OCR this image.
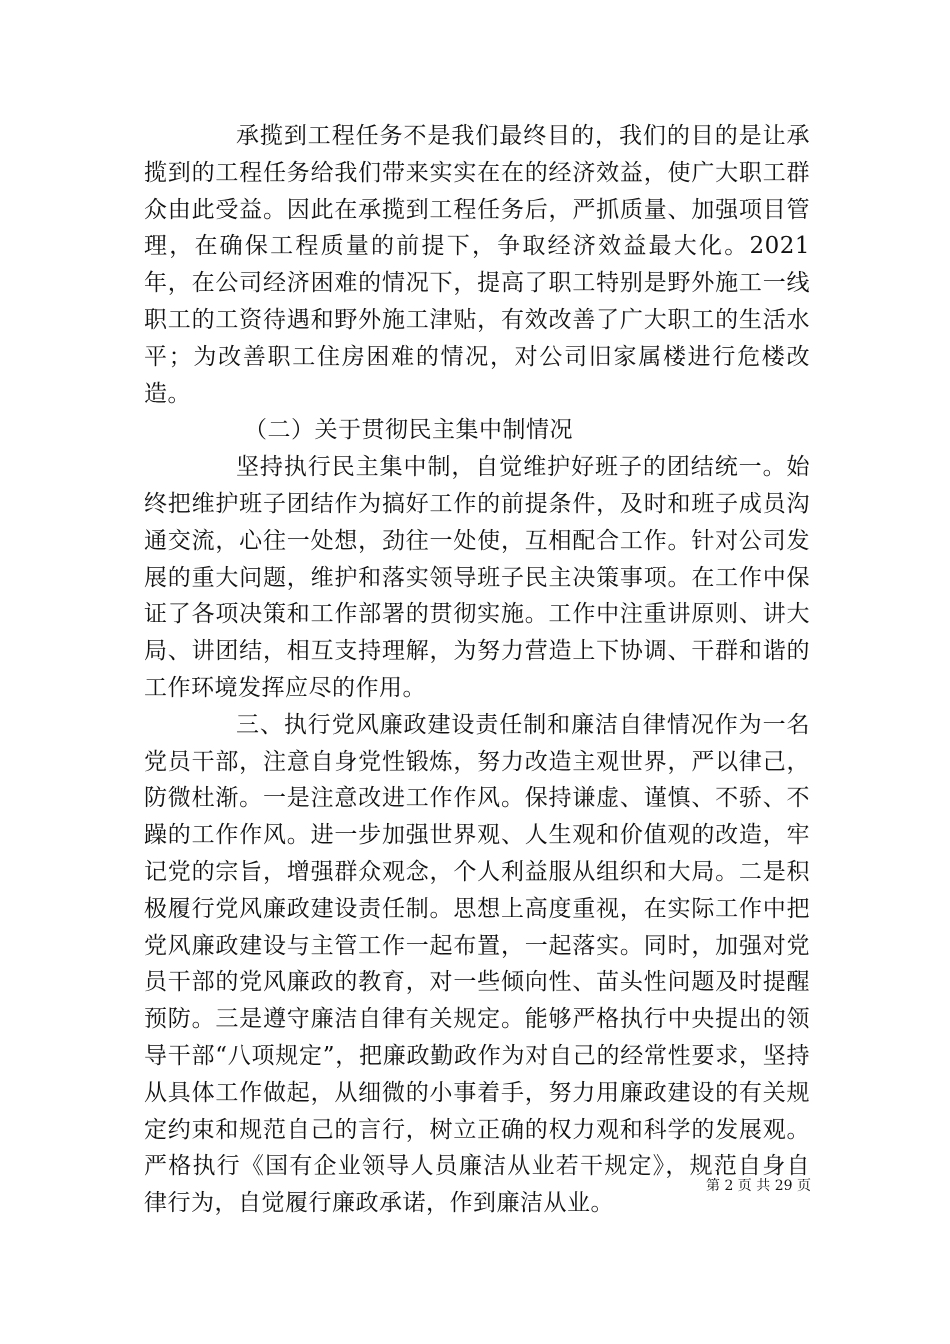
承揽到工程任务不是我们最终目的，我们的目的是让承揽到的工程任务给我们带来实实在在的经济效益，使广大职工群众由此受益。因此在承揽到工程任务后，严抓质量、加强项目管理，在确保工程质量的前提下，争取经济效益最大化。2021年，在公司经济困难的情况下，提高了职工特别是野外施工一线职工的工资待遇和野外施工津贴，有效改善了广大职工的生活水平；为改善职工住房困难的情况，对公司旧家属楼进行危楼改造。

（二）关于贯彻民主集中制情况

坚持执行民主集中制，自觉维护好班子的团结统一。始终把维护班子团结作为搞好工作的前提条件，及时和班子成员沟通交流，心往一处想，劲往一处使，互相配合工作。针对公司发展的重大问题，维护和落实领导班子民主决策事项。在工作中保证了各项决策和工作部署的贯彻实施。工作中注重讲原则、讲大局、讲团结，相互支持理解，为努力营造上下协调、干群和谐的工作环境发挥应尽的作用。

三、执行党风廉政建设责任制和廉洁自律情况作为一名党员干部，注意自身党性锻炼，努力改造主观世界，严以律己，防微杜渐。一是注意改进工作作风。保持谦虚、谨慎、不骄、不躁的工作作风。进一步加强世界观、人生观和价值观的改造，牢记党的宗旨，增强群众观念，个人利益服从组织和大局。二是积极履行党风廉政建设责任制。思想上高度重视，在实际工作中把党风廉政建设与主管工作一起布置，一起落实。同时，加强对党员干部的党风廉政的教育，对一些倾向性、苗头性问题及时提醒预防。三是遵守廉洁自律有关规定。能够严格执行中央提出的领导干部“八项规定”，把廉政勤政作为对自己的经常性要求，坚持从具体工作做起，从细微的小事着手，努力用廉政建设的有关规定约束和规范自己的言行，树立正确的权力观和科学的发展观。严格执行《国有企业领导人员廉洁从业若干规定》，规范自身自律行为，自觉履行廉政承诺，作到廉洁从业。

第 2 页 共 29 页
